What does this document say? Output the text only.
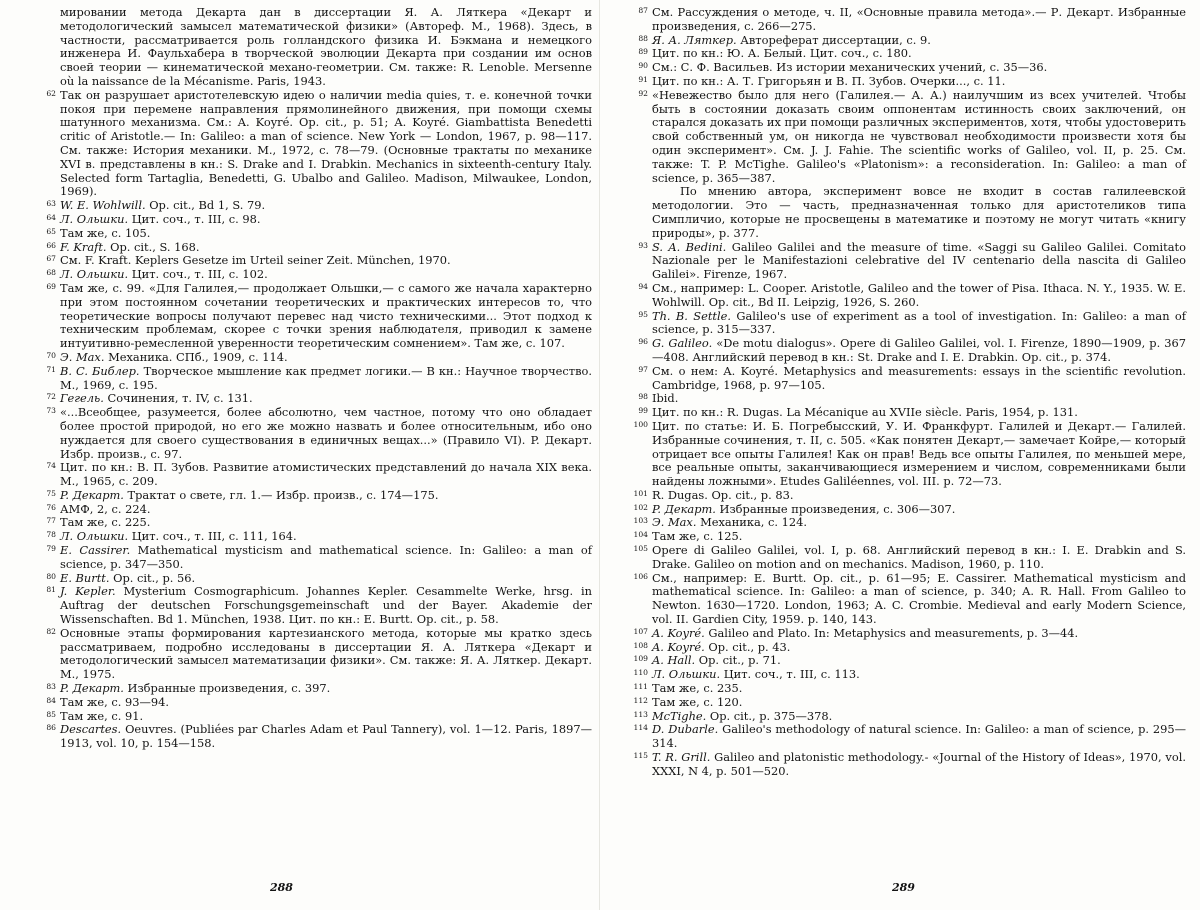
мировании метода Декарта дан в диссертации Я. А. Ляткера «Декарт и методологический замысел математической физики» (Автореф. М., 1968). Здесь, в частности, рассматривается роль голландского физика И. Бэкмана и немецкого инженера И. Фаульхабера в творческой эволюции Декарта при создании им основ своей теории — кинематической механо-геометрии. См. также: R. Lenoble. Mersenne où la naissance de la Mécanisme. Paris, 1943.

62 Так он разрушает аристотелевскую идею о наличии media quies, т. е. конечной точки покоя при перемене направления прямолинейного движения, при помощи схемы шатунного механизма. См.: A. Koyré. Op. cit., p. 51; A. Koyré. Giambattista Benedetti critic of Aristotle.— In: Galileo: a man of science. New York — London, 1967, p. 98—117. См. также: История механики. М., 1972, с. 78—79. (Основные трактаты по механике XVI в. представлены в кн.: S. Drake and I. Drabkin. Mechanics in sixteenth-century Italy. Selected form Tartaglia, Benedetti, G. Ubalbo and Galileo. Madison, Milwaukee, London, 1969).

63 W. E. Wohlwill. Op. cit., Bd 1, S. 79.

64 Л. Ольшки. Цит. соч., т. III, с. 98.

65 Там же, с. 105.

66 F. Kraft. Op. cit., S. 168.

67 См. F. Kraft. Keplers Gesetze im Urteil seiner Zeit. München, 1970.

68 Л. Ольшки. Цит. соч., т. III, с. 102.

69 Там же, с. 99. «Для Галилея,— продолжает Ольшки,— с самого же начала характерно при этом постоянном сочетании теоретических и практических интересов то, что теоретические вопросы получают перевес над чисто техническими... Этот подход к техническим проблемам, скорее с точки зрения наблюдателя, приводил к замене интуитивно-ремесленной уверенности теоретическим сомнением». Там же, с. 107.

70 Э. Мах. Механика. СПб., 1909, с. 114.

71 B. C. Библер. Творческое мышление как предмет логики.— В кн.: Научное творчество. М., 1969, с. 195.

72 Гегель. Сочинения, т. IV, с. 131.

73 «...Всеобщее, разумеется, более абсолютно, чем частное, потому что оно обладает более простой природой, но его же можно назвать и более относительным, ибо оно нуждается для своего существования в единичных вещах...» (Правило VI). P. Декарт. Избр. произв., с. 97.

74 Цит. по кн.: В. П. Зубов. Развитие атомистических представлений до начала XIX века. М., 1965, с. 209.

75 P. Декарт. Трактат о свете, гл. 1.— Избр. произв., с. 174—175.

76 АМФ, 2, с. 224.

77 Там же, с. 225.

78 Л. Ольшки. Цит. соч., т. III, с. 111, 164.

79 E. Cassirer. Mathematical mysticism and mathematical science. In: Galileo: a man of science, p. 347—350.

80 E. Burtt. Op. cit., p. 56.

81 J. Kepler. Mysterium Cosmographicum. Johannes Kepler. Cesammelte Werke, hrsg. in Auftrag der deutschen Forschungsgemeinschaft und der Bayer. Akademie der Wissenschaften. Bd 1. München, 1938. Цит. по кн.: E. Burtt. Op. cit., p. 58.

82 Основные этапы формирования картезианского метода, которые мы кратко здесь рассматриваем, подробно исследованы в диссертации Я. А. Ляткера «Декарт и методологический замысел математизации физики». См. также: Я. А. Ляткер. Декарт. М., 1975.

83 P. Декарт. Избранные произведения, с. 397.

84 Там же, с. 93—94.

85 Там же, с. 91.

86 Descartes. Oeuvres. (Publiées par Charles Adam et Paul Tannery), vol. 1—12. Paris, 1897—1913, vol. 10, p. 154—158.

288

87 См. Рассуждения о методе, ч. II, «Основные правила метода».— Р. Декарт. Избранные произведения, с. 266—275.

88 Я. А. Ляткер. Автореферат диссертации, с. 9.

89 Цит. по кн.: Ю. А. Белый. Цит. соч., с. 180.

90 См.: С. Ф. Васильев. Из истории механических учений, с. 35—36.

91 Цит. по кн.: А. Т. Григорьян и В. П. Зубов. Очерки..., с. 11.

92 «Невежество было для него (Галилея.— А. А.) наилучшим из всех учителей. Чтобы быть в состоянии доказать своим оппонентам истинность своих заключений, он старался доказать их при помощи различных экспериментов, хотя, чтобы удостоверить свой собственный ум, он никогда не чувствовал необходимости произвести хотя бы один эксперимент». См. J. J. Fahie. The scientific works of Galileo, vol. II, p. 25. См. также: T. P. McTighe. Galileo's «Platonism»: a reconsideration. In: Galileo: a man of science, p. 365—387.

По мнению автора, эксперимент вовсе не входит в состав галилеевской методологии. Это — часть, предназначенная только для аристотеликов типа Симпличио, которые не просвещены в математике и поэтому не могут читать «книгу природы», р. 377.

93 S. A. Bedini. Galileo Galilei and the measure of time. «Saggi su Galileo Galilei. Comitato Nazionale per le Manifestazioni celebrative del IV centenario della nascita di Galileo Galilei». Firenze, 1967.

94 См., например: L. Cooper. Aristotle, Galileo and the tower of Pisa. Ithaca. N. Y., 1935. W. E. Wohlwill. Op. cit., Bd II. Leipzig, 1926, S. 260.

95 Th. B. Settle. Galileo's use of experiment as a tool of investigation. In: Galileo: a man of science, p. 315—337.

96 G. Galileo. «De motu dialogus». Opere di Galileo Galilei, vol. I. Firenze, 1890—1909, p. 367—408. Английский перевод в кн.: St. Drake and I. E. Drabkin. Op. cit., p. 374.

97 См. о нем: A. Koyré. Metaphysics and measurements: essays in the scientific revolution. Cambridge, 1968, p. 97—105.

98 Ibid.

99 Цит. по кн.: R. Dugas. La Mécanique au XVIIe siècle. Paris, 1954, p. 131.

100 Цит. по статье: И. Б. Погребысский, У. И. Франкфурт. Галилей и Декарт.— Галилей. Избранные сочинения, т. II, с. 505. «Как понятен Декарт,— замечает Койре,— который отрицает все опыты Галилея! Как он прав! Ведь все опыты Галилея, по меньшей мере, все реальные опыты, заканчивающиеся измерением и числом, современниками были найдены ложными». Etudes Galiléennes, vol. III. p. 72—73.

101 R. Dugas. Op. cit., p. 83.

102 P. Декарт. Избранные произведения, с. 306—307.

103 Э. Мах. Механика, с. 124.

104 Там же, с. 125.

105 Opere di Galileo Galilei, vol. I, p. 68. Английский перевод в кн.: I. E. Drabkin and S. Drake. Galileo on motion and on mechanics. Madison, 1960, p. 110.

106 См., например: E. Burtt. Op. cit., p. 61—95; E. Cassirer. Mathematical mysticism and mathematical science. In: Galileo: a man of science, p. 340; A. R. Hall. From Galileo to Newton. 1630—1720. London, 1963; A. C. Crombie. Medieval and early Modern Science, vol. II. Gardien City, 1959. p. 140, 143.

107 A. Koyré. Galileo and Plato. In: Metaphysics and measurements, p. 3—44.

108 A. Koyré. Op. cit., p. 43.

109 A. Hall. Op. cit., p. 71.

110 Л. Ольшки. Цит. соч., т. III, с. 113.

111 Там же, с. 235.

112 Там же, с. 120.

113 McTighe. Op. cit., p. 375—378.

114 D. Dubarle. Galileo's methodology of natural science. In: Galileo: a man of science, p. 295—314.

115 T. R. Grill. Galileo and platonistic methodology.- «Journal of the History of Ideas», 1970, vol. XXXI, N 4, p. 501—520.

289
